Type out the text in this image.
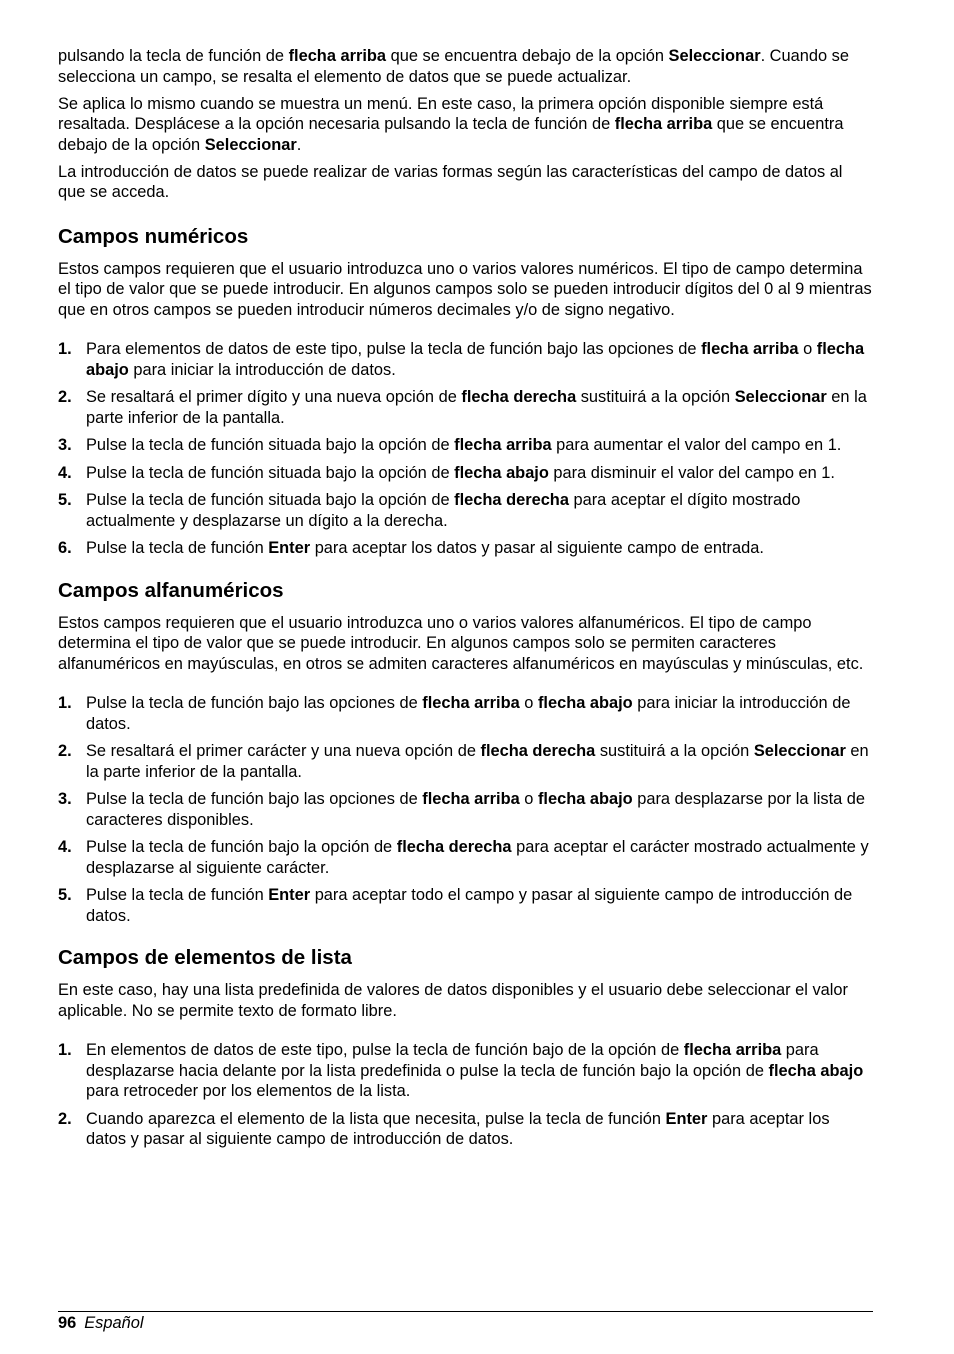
pulsando la tecla de función de flecha arriba que se encuentra debajo de la opción Seleccionar. Cuando se selecciona un campo, se resalta el elemento de datos que se puede actualizar.

Se aplica lo mismo cuando se muestra un menú. En este caso, la primera opción disponible siempre está resaltada. Desplácese a la opción necesaria pulsando la tecla de función de flecha arriba que se encuentra debajo de la opción Seleccionar.

La introducción de datos se puede realizar de varias formas según las características del campo de datos al que se acceda.

Campos numéricos

Estos campos requieren que el usuario introduzca uno o varios valores numéricos. El tipo de campo determina el tipo de valor que se puede introducir. En algunos campos solo se pueden introducir dígitos del 0 al 9 mientras que en otros campos se pueden introducir números decimales y/o de signo negativo.

1. Para elementos de datos de este tipo, pulse la tecla de función bajo las opciones de flecha arriba o flecha abajo para iniciar la introducción de datos.
2. Se resaltará el primer dígito y una nueva opción de flecha derecha sustituirá a la opción Seleccionar en la parte inferior de la pantalla.
3. Pulse la tecla de función situada bajo la opción de flecha arriba para aumentar el valor del campo en 1.
4. Pulse la tecla de función situada bajo la opción de flecha abajo para disminuir el valor del campo en 1.
5. Pulse la tecla de función situada bajo la opción de flecha derecha para aceptar el dígito mostrado actualmente y desplazarse un dígito a la derecha.
6. Pulse la tecla de función Enter para aceptar los datos y pasar al siguiente campo de entrada.
Campos alfanuméricos

Estos campos requieren que el usuario introduzca uno o varios valores alfanuméricos. El tipo de campo determina el tipo de valor que se puede introducir. En algunos campos solo se permiten caracteres alfanuméricos en mayúsculas, en otros se admiten caracteres alfanuméricos en mayúsculas y minúsculas, etc.

1. Pulse la tecla de función bajo las opciones de flecha arriba o flecha abajo para iniciar la introducción de datos.
2. Se resaltará el primer carácter y una nueva opción de flecha derecha sustituirá a la opción Seleccionar en la parte inferior de la pantalla.
3. Pulse la tecla de función bajo las opciones de flecha arriba o flecha abajo para desplazarse por la lista de caracteres disponibles.
4. Pulse la tecla de función bajo la opción de flecha derecha para aceptar el carácter mostrado actualmente y desplazarse al siguiente carácter.
5. Pulse la tecla de función Enter para aceptar todo el campo y pasar al siguiente campo de introducción de datos.
Campos de elementos de lista

En este caso, hay una lista predefinida de valores de datos disponibles y el usuario debe seleccionar el valor aplicable. No se permite texto de formato libre.

1. En elementos de datos de este tipo, pulse la tecla de función bajo de la opción de flecha arriba para desplazarse hacia delante por la lista predefinida o pulse la tecla de función bajo la opción de flecha abajo para retroceder por los elementos de la lista.
2. Cuando aparezca el elemento de la lista que necesita, pulse la tecla de función Enter para aceptar los datos y pasar al siguiente campo de introducción de datos.
96 Español
